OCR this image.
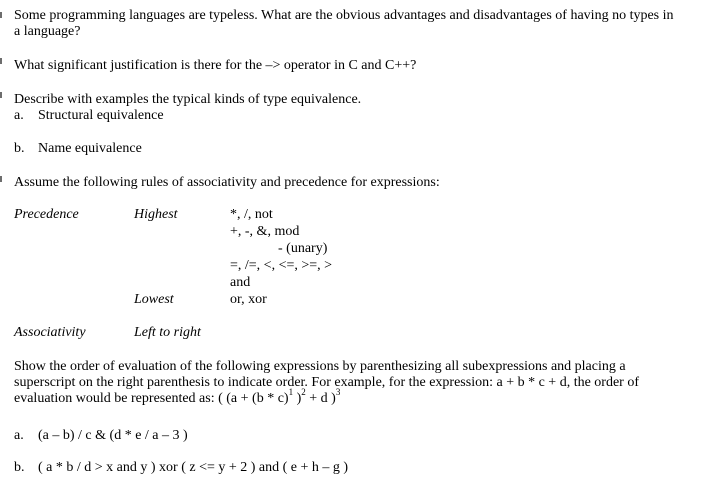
Some programming languages are typeless. What are the obvious advantages and disadvantages of having no types in
a language?
What significant justification is there for the –> operator in C and C++?
Describe with examples the typical kinds of type equivalence.
a. Structural equivalence
b. Name equivalence
Assume the following rules of associativity and precedence for expressions:
Precedence	Highest	*, /, not
+, -, &, mod
- (unary)
=, /=, <, <=, >=, >
and
Lowest	or, xor
Associativity	Left to right
Show the order of evaluation of the following expressions by parenthesizing all subexpressions and placing a
superscript on the right parenthesis to indicate order. For example, for the expression: a + b * c + d, the order of
evaluation would be represented as: ( (a + (b * c)$^1$ )$^2$ + d )$^3$
a. (a – b) / c & (d * e / a – 3 )
b. ( a * b / d > x and y ) xor ( z <= y + 2 ) and ( e + h – g )
